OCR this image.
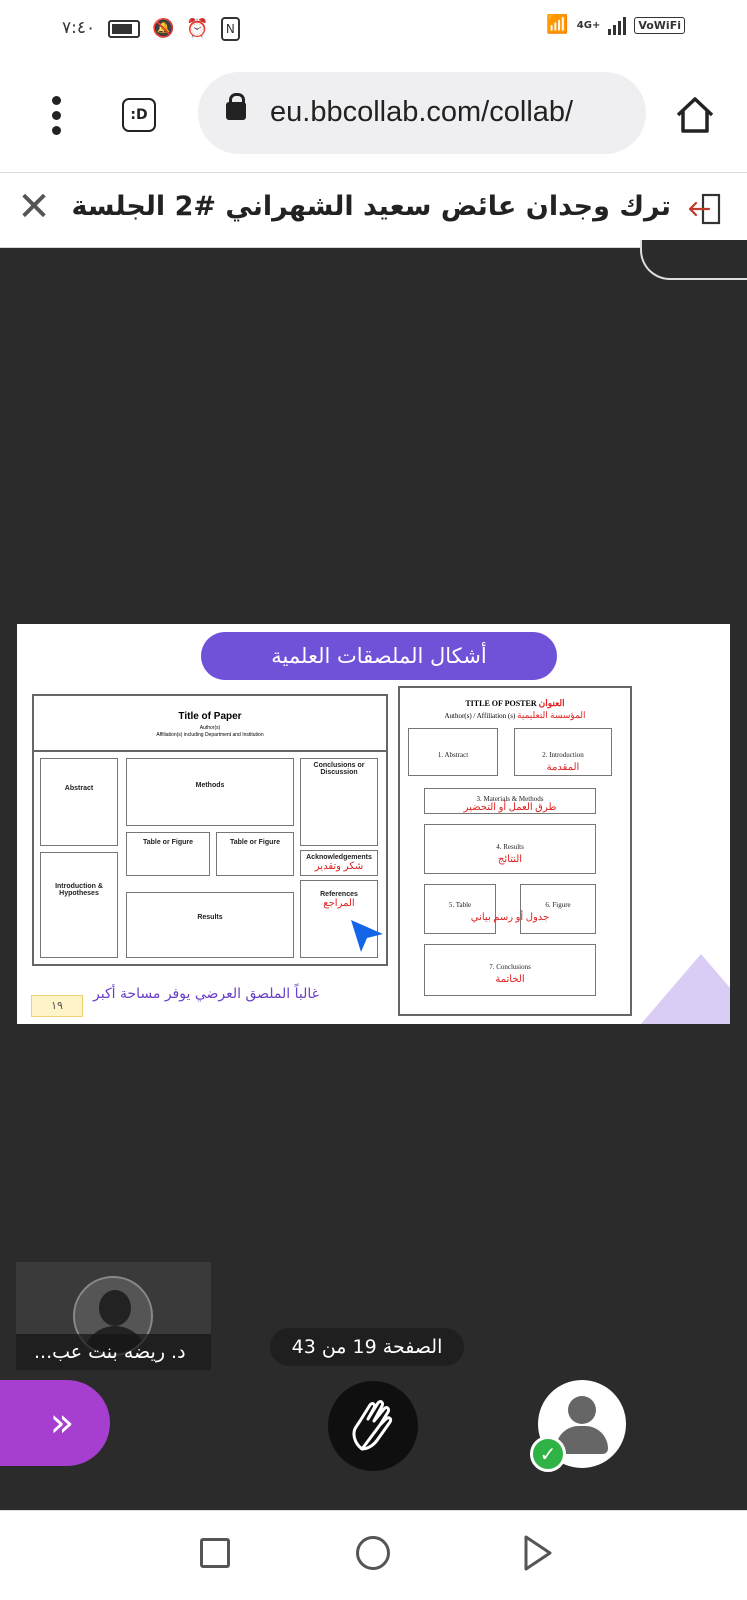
٧:٤٠	🔕 ⏰	N	📶 4G+	VoWiFi
:D	eu.bbcollab.com/collab/
✕ ترك وجدان عائض سعيد الشهراني #2 الجلسة
أشكال الملصقات العلمية
Title of Paper
Author(s)
Affiliation(s) including Department and Institution
Abstract	Methods
Conclusions or Discussion
Table or Figure	Table or Figure
Acknowledgements
شكر وتقدير
Introduction & Hypotheses	References
المراجع
Results
TITLE OF POSTER العنوان
Author(s) / Affiliation (s) المؤسسة التعليمية
1. Abstract	2. Introduction
المقدمة
3. Materials & Methods
طرق العمل أو التحضير
4. Results
النتائج
5. Table	6. Figure
جدول أو رسم بياني
7. Conclusions
الخاتمة
١٩
غالباً الملصق العرضي يوفر مساحة أكبر
د. ريضه بنت عب...	الصفحة 19 من 43
»
✓
